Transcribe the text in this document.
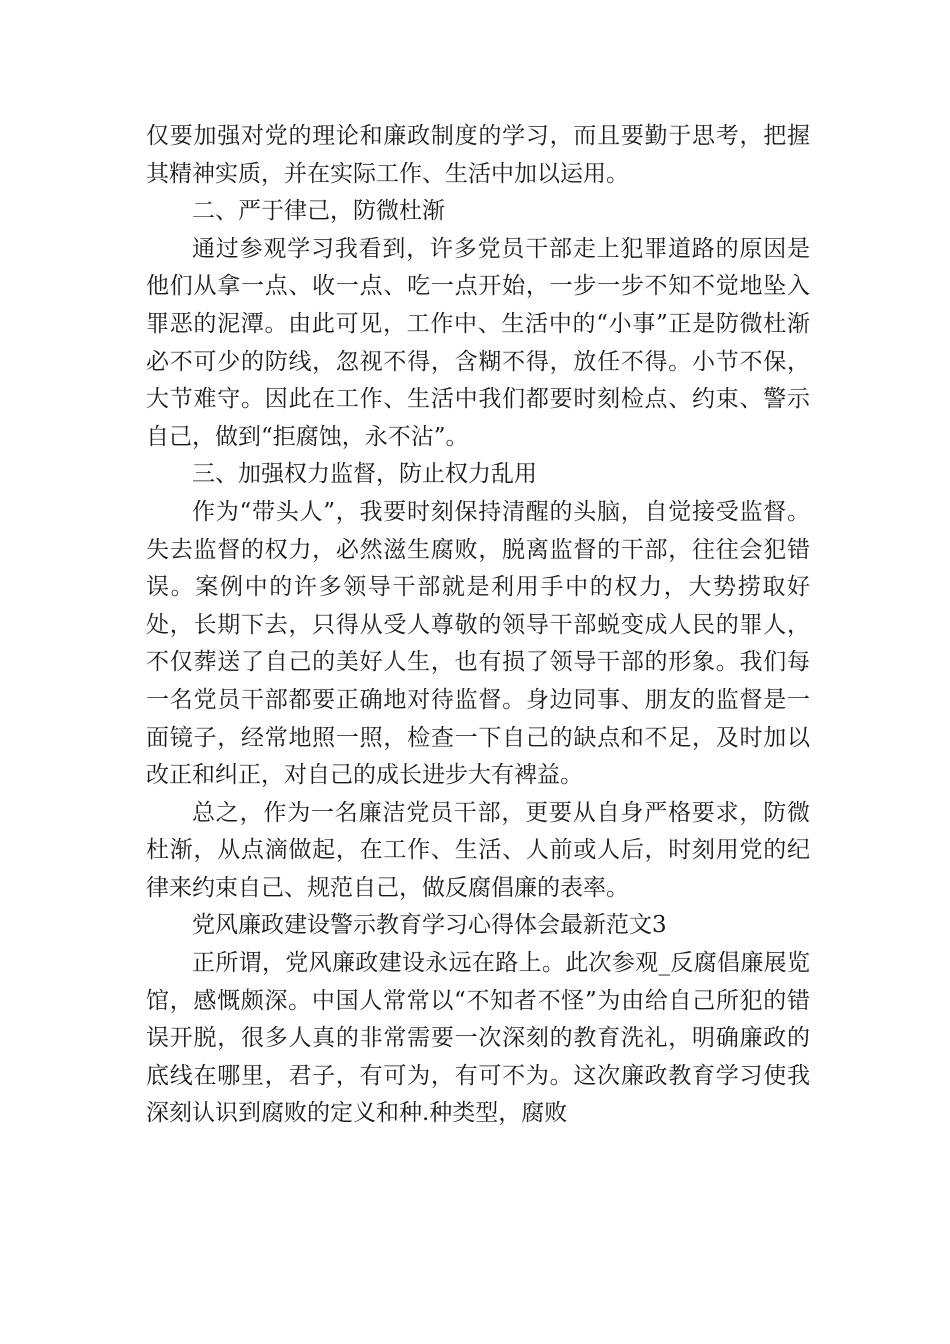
仅要加强对党的理论和廉政制度的学习，而且要勤于思考，把握其精神实质，并在实际工作、生活中加以运用。

二、严于律己，防微杜渐

通过参观学习我看到，许多党员干部走上犯罪道路的原因是他们从拿一点、收一点、吃一点开始，一步一步不知不觉地坠入罪恶的泥潭。由此可见，工作中、生活中的“小事”正是防微杜渐必不可少的防线，忽视不得，含糊不得，放任不得。小节不保，大节难守。因此在工作、生活中我们都要时刻检点、约束、警示自己，做到“拒腐蚀，永不沾”。

三、加强权力监督，防止权力乱用

作为“带头人”，我要时刻保持清醒的头脑，自觉接受监督。失去监督的权力，必然滋生腐败，脱离监督的干部，往往会犯错误。案例中的许多领导干部就是利用手中的权力，大势捞取好处，长期下去，只得从受人尊敬的领导干部蜕变成人民的罪人，不仅葬送了自己的美好人生，也有损了领导干部的形象。我们每一名党员干部都要正确地对待监督。身边同事、朋友的监督是一面镜子，经常地照一照，检查一下自己的缺点和不足，及时加以改正和纠正，对自己的成长进步大有裨益。

总之，作为一名廉洁党员干部，更要从自身严格要求，防微杜渐，从点滴做起，在工作、生活、人前或人后，时刻用党的纪律来约束自己、规范自己，做反腐倡廉的表率。

党风廉政建设警示教育学习心得体会最新范文3

正所谓，党风廉政建设永远在路上。此次参观_反腐倡廉展览馆，感慨颇深。中国人常常以“不知者不怪”为由给自己所犯的错误开脱，很多人真的非常需要一次深刻的教育洗礼，明确廉政的底线在哪里，君子，有可为，有可不为。这次廉政教育学习使我深刻认识到腐败的定义和种.种类型，腐败
